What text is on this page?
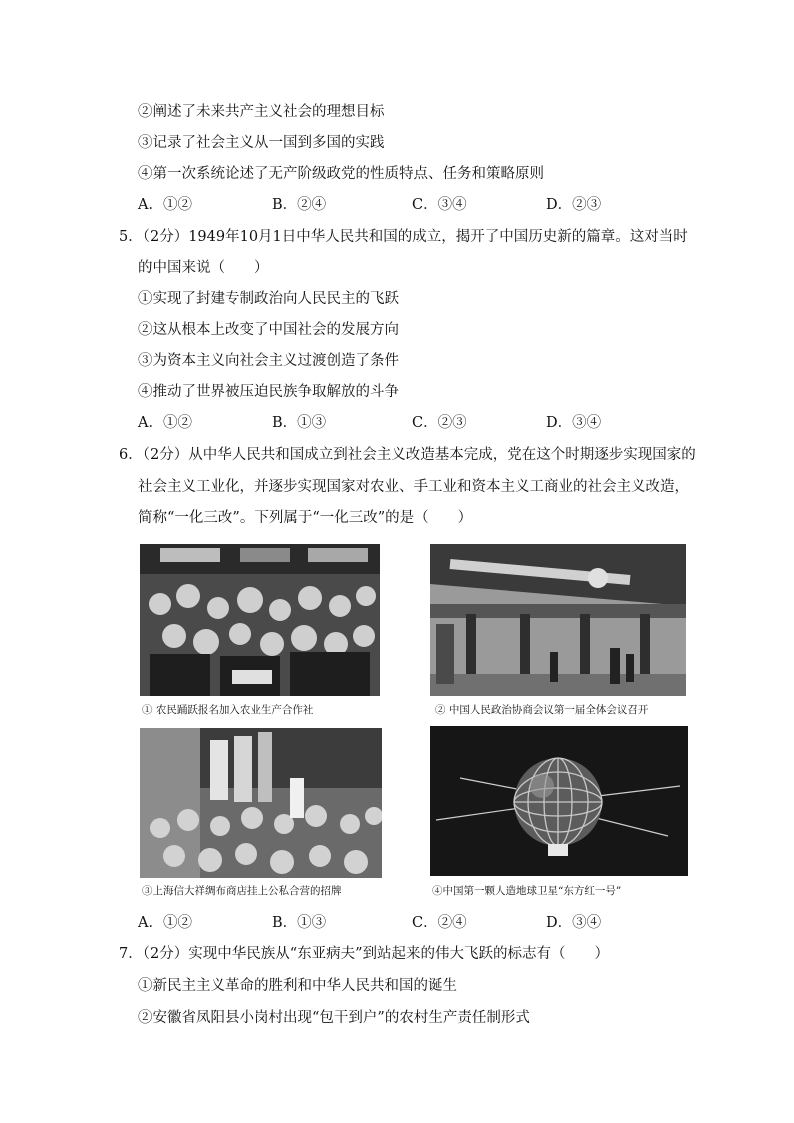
②阐述了未来共产主义社会的理想目标
③记录了社会主义从一国到多国的实践
④第一次系统论述了无产阶级政党的性质特点、任务和策略原则
A．①②	B．②④	C．③④	D．②③
5．（2分）1949年10月1日中华人民共和国的成立，揭开了中国历史新的篇章。这对当时
的中国来说（　　）
①实现了封建专制政治向人民民主的飞跃
②这从根本上改变了中国社会的发展方向
③为资本主义向社会主义过渡创造了条件
④推动了世界被压迫民族争取解放的斗争
A．①②	B．①③	C．②③	D．③④
6．（2分）从中华人民共和国成立到社会主义改造基本完成，党在这个时期逐步实现国家的
社会主义工业化，并逐步实现国家对农业、手工业和资本主义工商业的社会主义改造，
简称“一化三改”。下列属于“一化三改”的是（　　）
① 农民踊跃报名加入农业生产合作社	② 中国人民政治协商会议第一届全体会议召开
③上海信大祥绸布商店挂上公私合营的招牌	④中国第一颗人造地球卫星“东方红一号”
A．①②	B．①③	C．②④	D．③④
7．（2分）实现中华民族从“东亚病夫”到站起来的伟大飞跃的标志有（　　）
①新民主主义革命的胜利和中华人民共和国的诞生
②安徽省凤阳县小岗村出现“包干到户”的农村生产责任制形式
